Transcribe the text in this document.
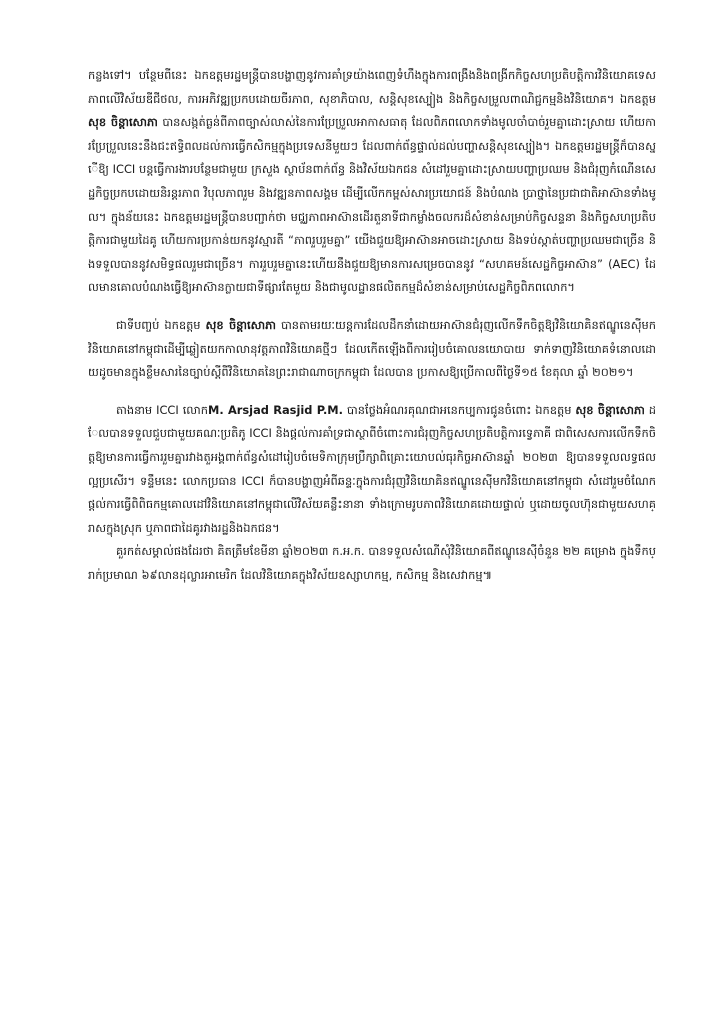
កន្លងទៅ។ បន្ថែមពីនេះ ឯកឧត្តមរដ្ឋមន្ត្រីបានបង្ហាញនូវការគាំទ្រយ៉ាងពេញទំហឹងក្នុងការពង្រឹងនិងពង្រីកកិច្ចសហប្រតិបត្តិការវិនិយោគទេសភាពលើវិស័យឌីជីថល, ការអភិវឌ្ឍប្រកបដោយចីរភាព, សុខាភិបាល, សន្តិសុខស្បៀង និងកិច្ចសម្រួលពាណិជ្ជកម្មនិងវិនិយោគ។ ឯកឧត្តម សុខ ចិន្តាសោភា បានសង្កត់ធ្ងន់ពីភាពច្បាស់លាស់នៃការប្រែប្រួលអាកាសធាតុ ដែលពិភពលោកទាំងមូលចាំបាច់រួមគ្នាដោះស្រាយ ហើយការប្រែប្រួលនេះនឹងជះឥទ្ធិពលដល់ការធ្វើកសិកម្មក្នុងប្រទេសនីមួយៗ ដែលពាក់ព័ន្ធផ្ទាល់ដល់បញ្ហាសន្តិសុខស្បៀង។ ឯកឧត្តមរដ្ឋមន្ត្រីក៏បានស្នើឱ្យ ICCI បន្តធ្វើការងារបន្ថែមជាមួយ ក្រសួង ស្ថាប័នពាក់ព័ន្ធ និងវិស័យឯកជន សំដៅរួមគ្នាដោះស្រាយបញ្ហាប្រឈម និងជំរុញកំណើនសេដ្ឋកិច្ចប្រកបដោយនិរន្តរភាព វិបុលភាពរួម និងវឌ្ឍនភាពសង្គម ដើម្បីលើកកម្ពស់សារប្រយោជន៍ និងបំណង ប្រាថ្នានៃប្រជាជាតិអាស៊ានទាំងមូល។ ក្នុងន័យនេះ ឯកឧត្តមរដ្ឋមន្ត្រីបានបញ្ជាក់ថា មជ្ឈភាពអាស៊ានដើរតួនាទីជាកម្លាំងចលករដ៏សំខាន់សម្រាប់កិច្ចសន្ទនា និងកិច្ចសហប្រតិបត្តិការជាមួយដៃគូ ហើយការប្រកាន់យកនូវស្មារតី “ភាពរួបរួមគ្នា” យើងជួយឱ្យអាស៊ានអាចដោះស្រាយ និងទប់ស្កាត់បញ្ហាប្រឈមជាច្រើន និងទទួលបាននូវសមិទ្ធផលរួមជាច្រើន។ ការរួបរួមគ្នានេះហើយនឹងជួយឱ្យមានការសម្រេចបាននូវ “សហគមន៍សេដ្ឋកិច្ចអាស៊ាន” (AEC) ដែលមានគោលបំណងធ្វើឱ្យអាស៊ានក្លាយជាទីផ្សារតែមួយ និងជាមូលដ្ឋានផលិតកម្មដ៏សំខាន់សម្រាប់សេដ្ឋកិច្ចពិភពលោក។

ជាទីបញ្ចប់ ឯកឧត្តម សុខ ចិន្តាសោភា បានតាមរយៈយន្តការដែលដឹកនាំដោយអាស៊ានជំរុញលើកទឹកចិត្តឱ្យវិនិយោគិនឥណ្ឌូនេស៊ីមក វិនិយោគនៅកម្ពុជាដើម្បីឆ្លៀតយកកាលានុវត្តភាពវិនិយោគថ្មីៗ ដែលកើតឡើងពីការរៀបចំគោលនយោបាយ ទាក់ទាញវិនិយោគទំនោលដោយដូចមានក្នុងខ្លឹមសារនៃច្បាប់ស្តីពីវិនិយោគនៃព្រះរាជាណាចក្រកម្ពុជា ដែលបាន ប្រកាសឱ្យប្រើកាលពីថ្ងៃទី១៥ ខែតុលា ឆ្នាំ ២០២១។

តាងនាម ICCI លោកM. Arsjad Rasjid P.M. បានថ្លែងអំណរគុណជាអនេកប្បការជូនចំពោះ ឯកឧត្តម សុខ ចិន្តាសោភា ដែលបានទទួលជួបជាមួយគណៈប្រតិភូ ICCI និងផ្តល់ការគាំទ្រជាស្ថាពីចំពោះការជំរុញកិច្ចសហប្រតិបត្តិការទ្វេភាគី ជាពិសេសការលើកទឹកចិត្តឱ្យមានការធ្វើការរួមគ្នារវាងតួអង្គពាក់ព័ន្ធសំដៅរៀបចំមេទិកាក្រុមប្រឹក្សាពិគ្រោះយោបល់ធុរកិច្ចអាស៊ានឆ្នាំ ២០២៣ ឱ្យបានទទួលលទ្ធផលល្អប្រសើរ។ ទន្ទឹមនេះ លោកប្រធាន ICCI ក៏បានបង្ហាញអំពីឆន្ទៈក្នុងការជំរុញវិនិយោគិនឥណ្ឌូនេស៊ីមកវិនិយោគនៅកម្ពុជា សំដៅរួមចំណែកផ្តល់ការធ្វើពិពិធកម្មគោលដៅវិនិយោគនៅកម្ពុជាលើវិស័យគន្លឹះនានា ទាំងក្រោមរូបភាពវិនិយោគដោយផ្ទាល់ ឬដោយចូលហ៊ុនជាមួយសហគ្រាសក្នុងស្រុក ឬភាពជាដៃគូរវាងរដ្ឋនិងឯកជន។

គួរកត់សម្គាល់ផងដែរថា គិតត្រឹមខែមីនា ឆ្នាំ២០២៣ ក.អ.ក. បានទទួលសំណើសុំវិនិយោគពីឥណ្ឌូនេស៊ីចំនួន ២២ គម្រោង ក្នុងទឹកប្រាក់ប្រមាណ ៦៩លានដុល្លារអាមេរិក ដែលវិនិយោគក្នុងវិស័យឧស្សាហកម្ម, កសិកម្ម និងសេវាកម្ម៕
